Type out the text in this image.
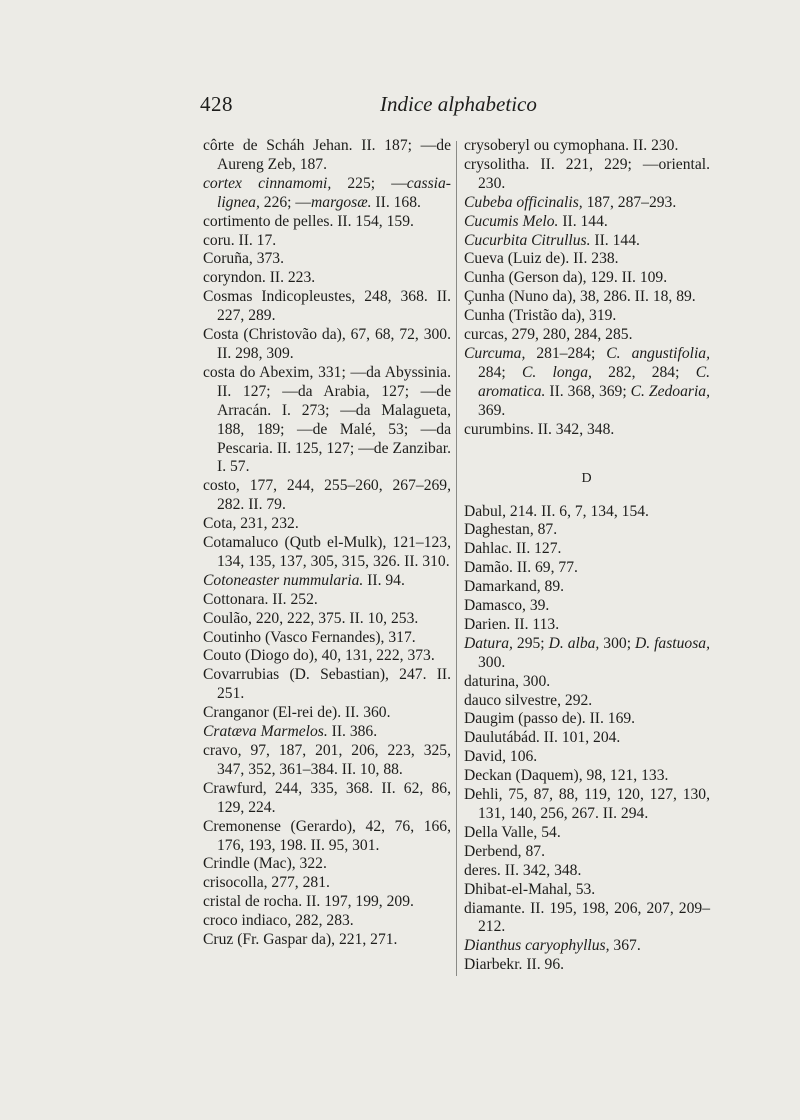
428	Indice alphabetico

côrte de Scháh Jehan. II. 187; —de Aureng Zeb, 187.

cortex cinnamomi, 225; —cassia-lignea, 226; —margosæ. II. 168.

cortimento de pelles. II. 154, 159.

coru. II. 17.

Coruña, 373.

coryndon. II. 223.

Cosmas Indicopleustes, 248, 368. II. 227, 289.

Costa (Christovão da), 67, 68, 72, 300. II. 298, 309.

costa do Abexim, 331; —da Abyssinia. II. 127; —da Arabia, 127; —de Arracán. I. 273; —da Malagueta, 188, 189; —de Malé, 53; —da Pescaria. II. 125, 127; —de Zanzibar. I. 57.

costo, 177, 244, 255–260, 267–269, 282. II. 79.

Cota, 231, 232.

Cotamaluco (Qutb el-Mulk), 121–123, 134, 135, 137, 305, 315, 326. II. 310.

Cotoneaster nummularia. II. 94.

Cottonara. II. 252.

Coulão, 220, 222, 375. II. 10, 253.

Coutinho (Vasco Fernandes), 317.

Couto (Diogo do), 40, 131, 222, 373.

Covarrubias (D. Sebastian), 247. II. 251.

Cranganor (El-rei de). II. 360.

Cratæva Marmelos. II. 386.

cravo, 97, 187, 201, 206, 223, 325, 347, 352, 361–384. II. 10, 88.

Crawfurd, 244, 335, 368. II. 62, 86, 129, 224.

Cremonense (Gerardo), 42, 76, 166, 176, 193, 198. II. 95, 301.

Crindle (Mac), 322.

crisocolla, 277, 281.

cristal de rocha. II. 197, 199, 209.

croco indiaco, 282, 283.

Cruz (Fr. Gaspar da), 221, 271.

crysoberyl ou cymophana. II. 230.

crysolitha. II. 221, 229; —oriental. 230.

Cubeba officinalis, 187, 287–293.

Cucumis Melo. II. 144.

Cucurbita Citrullus. II. 144.

Cueva (Luiz de). II. 238.

Cunha (Gerson da), 129. II. 109.

Çunha (Nuno da), 38, 286. II. 18, 89.

Cunha (Tristão da), 319.

curcas, 279, 280, 284, 285.

Curcuma, 281–284; C. angustifolia, 284; C. longa, 282, 284; C. aromatica. II. 368, 369; C. Zedoaria, 369.

curumbins. II. 342, 348.

D

Dabul, 214. II. 6, 7, 134, 154.

Daghestan, 87.

Dahlac. II. 127.

Damão. II. 69, 77.

Damarkand, 89.

Damasco, 39.

Darien. II. 113.

Datura, 295; D. alba, 300; D. fastuosa, 300.

daturina, 300.

dauco silvestre, 292.

Daugim (passo de). II. 169.

Daulutábád. II. 101, 204.

David, 106.

Deckan (Daquem), 98, 121, 133.

Dehli, 75, 87, 88, 119, 120, 127, 130, 131, 140, 256, 267. II. 294.

Della Valle, 54.

Derbend, 87.

deres. II. 342, 348.

Dhibat-el-Mahal, 53.

diamante. II. 195, 198, 206, 207, 209–212.

Dianthus caryophyllus, 367.

Diarbekr. II. 96.
